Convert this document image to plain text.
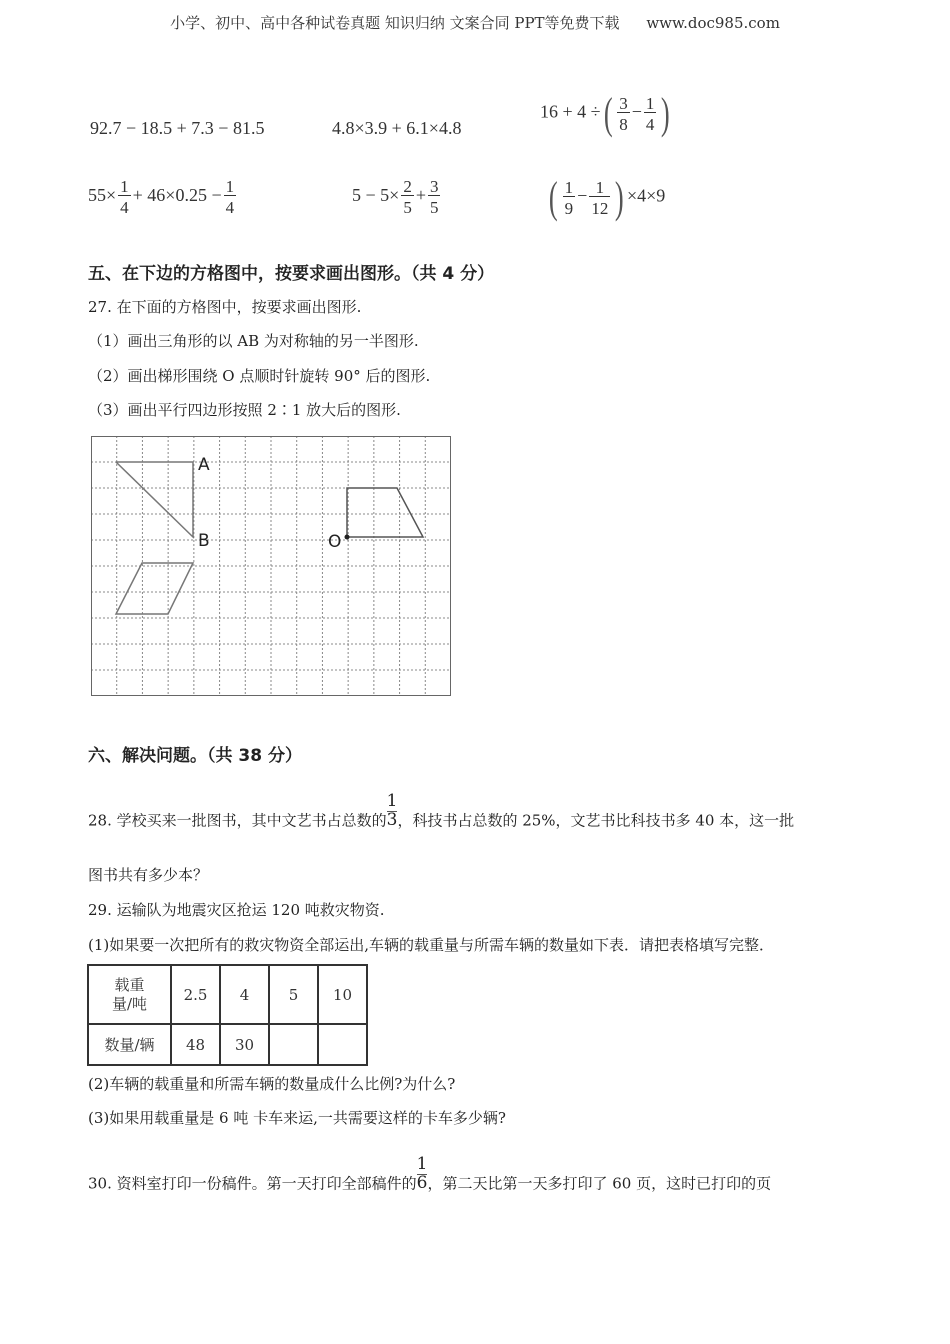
小学、初中、高中各种试卷真题 知识归纳 文案合同 PPT等免费下载 www.doc985.com
92.7 − 18.5 + 7.3 − 81.5	4.8×3.9 + 6.1×4.8
16 + 4 ÷( $\frac{3}{8} - \frac{1}{4}$ )
$55\times \frac{1}{4} + 46\times 0.25 - \frac{1}{4}$	$5 - 5\times \frac{2}{5} + \frac{3}{5}$ ( $\frac{1}{9} - \frac{1}{12}$ ) ×4×9
五、在下边的方格图中，按要求画出图形。（共 4 分）
27. 在下面的方格图中，按要求画出图形.
（1）画出三角形的以 AB 为对称轴的另一半图形.
（2）画出梯形围绕 O 点顺时针旋转 90° 后的图形.
（3）画出平行四边形按照 2∶1 放大后的图形.
A
B	O
六、解决问题。（共 38 分）
28. 学校买来一批图书，其中文艺书占总数的 $\frac{1}{3}$ ，科技书占总数的 25%，文艺书比科技书多 40 本，这一批
图书共有多少本？
29. 运输队为地震灾区抢运 120 吨救灾物资.
(1)如果要一次把所有的救灾物资全部运出,车辆的载重量与所需车辆的数量如下表．请把表格填写完整．
载重量/吨	2.5	4	5	10
数量/辆	48	30		
(2)车辆的载重量和所需车辆的数量成什么比例?为什么?
(3)如果用载重量是 6 吨 卡车来运,一共需要这样的卡车多少辆?
30. 资料室打印一份稿件。第一天打印全部稿件的 $\frac{1}{6}$ ，第二天比第一天多打印了 60 页，这时已打印的页
